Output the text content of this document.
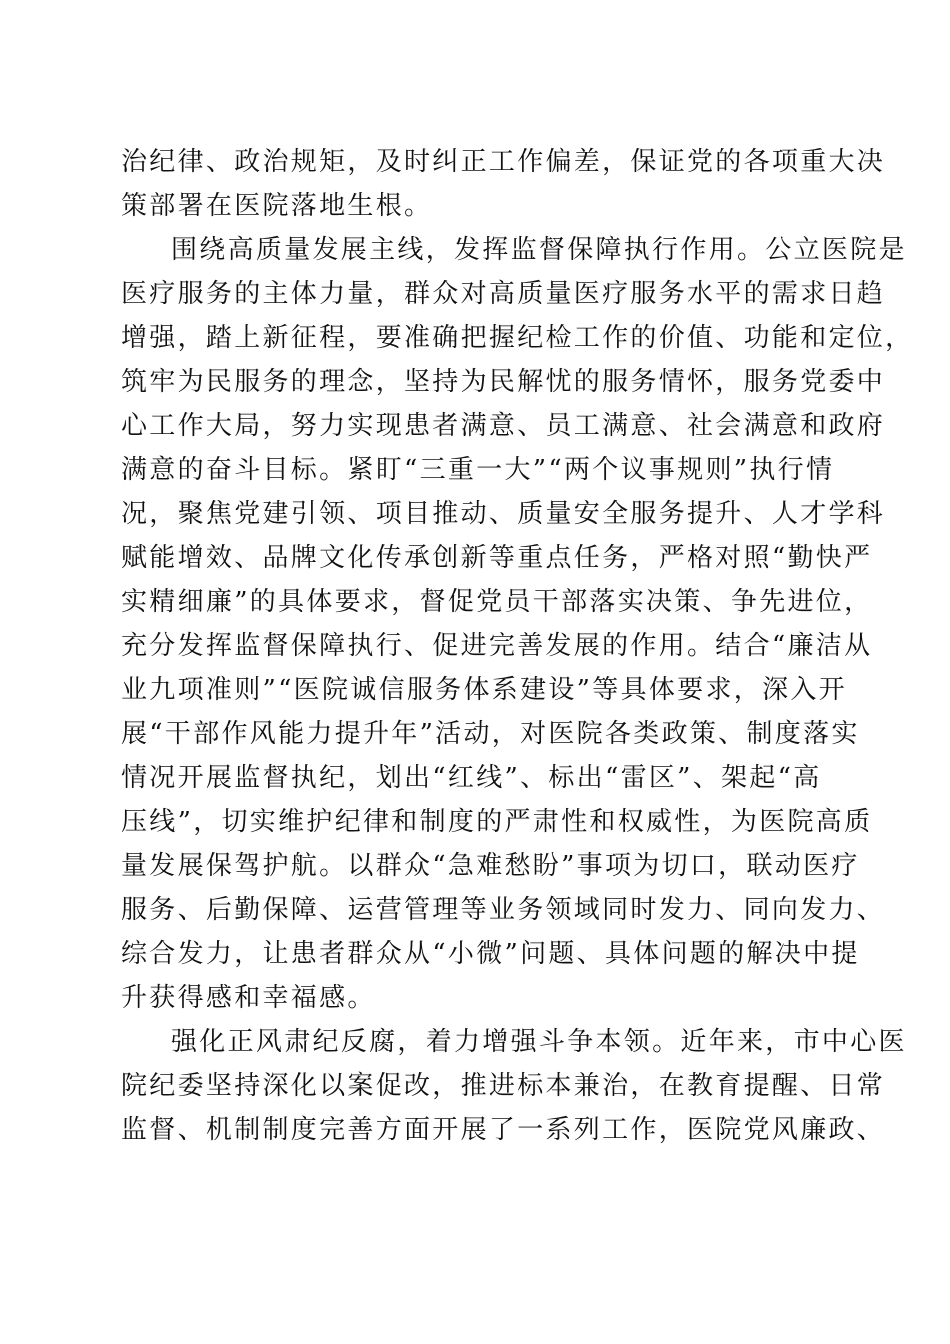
治纪律、政治规矩，及时纠正工作偏差，保证党的各项重大决
策部署在医院落地生根。
围绕高质量发展主线，发挥监督保障执行作用。公立医院是
医疗服务的主体力量，群众对高质量医疗服务水平的需求日趋
增强，踏上新征程，要准确把握纪检工作的价值、功能和定位，
筑牢为民服务的理念，坚持为民解忧的服务情怀，服务党委中
心工作大局，努力实现患者满意、员工满意、社会满意和政府
满意的奋斗目标。紧盯“三重一大”“两个议事规则”执行情
况，聚焦党建引领、项目推动、质量安全服务提升、人才学科
赋能增效、品牌文化传承创新等重点任务，严格对照“勤快严
实精细廉”的具体要求，督促党员干部落实决策、争先进位，
充分发挥监督保障执行、促进完善发展的作用。结合“廉洁从
业九项准则”“医院诚信服务体系建设”等具体要求，深入开
展“干部作风能力提升年”活动，对医院各类政策、制度落实
情况开展监督执纪，划出“红线”、标出“雷区”、架起“高
压线”，切实维护纪律和制度的严肃性和权威性，为医院高质
量发展保驾护航。以群众“急难愁盼”事项为切口，联动医疗
服务、后勤保障、运营管理等业务领域同时发力、同向发力、
综合发力，让患者群众从“小微”问题、具体问题的解决中提
升获得感和幸福感。
强化正风肃纪反腐，着力增强斗争本领。近年来，市中心医
院纪委坚持深化以案促改，推进标本兼治，在教育提醒、日常
监督、机制制度完善方面开展了一系列工作，医院党风廉政、
